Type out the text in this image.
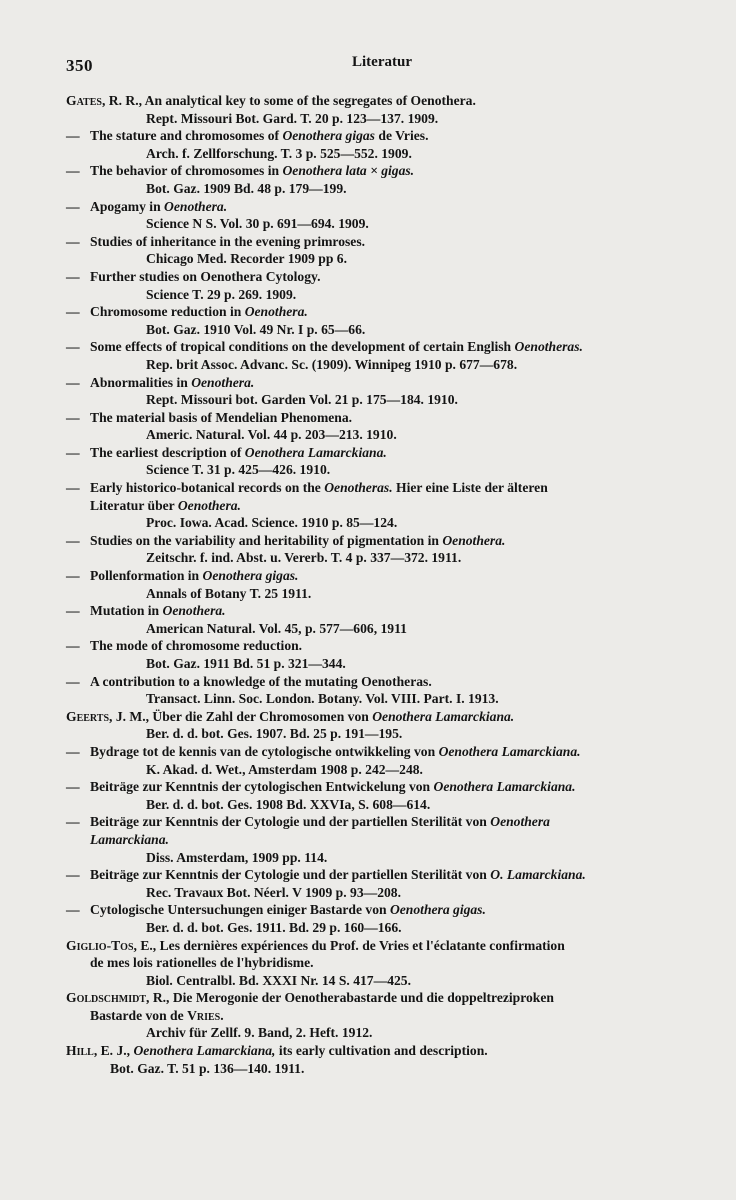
350	Literatur
Gates, R. R., An analytical key to some of the segregates of Oenothera.
Rept. Missouri Bot. Gard. T. 20 p. 123—137. 1909.
— The stature and chromosomes of Oenothera gigas de Vries.
Arch. f. Zellforschung. T. 3 p. 525—552. 1909.
— The behavior of chromosomes in Oenothera lata × gigas.
Bot. Gaz. 1909 Bd. 48 p. 179—199.
— Apogamy in Oenothera.
Science N S. Vol. 30 p. 691—694. 1909.
— Studies of inheritance in the evening primroses.
Chicago Med. Recorder 1909 pp 6.
— Further studies on Oenothera Cytology.
Science T. 29 p. 269. 1909.
— Chromosome reduction in Oenothera.
Bot. Gaz. 1910 Vol. 49 Nr. I p. 65—66.
— Some effects of tropical conditions on the development of certain English Oenotheras.
Rep. brit Assoc. Advanc. Sc. (1909). Winnipeg 1910 p. 677—678.
— Abnormalities in Oenothera.
Rept. Missouri bot. Garden Vol. 21 p. 175—184. 1910.
— The material basis of Mendelian Phenomena.
Americ. Natural. Vol. 44 p. 203—213. 1910.
— The earliest description of Oenothera Lamarckiana.
Science T. 31 p. 425—426. 1910.
— Early historico-botanical records on the Oenotheras. Hier eine Liste der älteren
Literatur über Oenothera.
Proc. Iowa. Acad. Science. 1910 p. 85—124.
— Studies on the variability and heritability of pigmentation in Oenothera.
Zeitschr. f. ind. Abst. u. Vererb. T. 4 p. 337—372. 1911.
— Pollenformation in Oenothera gigas.
Annals of Botany T. 25 1911.
— Mutation in Oenothera.
American Natural. Vol. 45, p. 577—606, 1911
— The mode of chromosome reduction.
Bot. Gaz. 1911 Bd. 51 p. 321—344.
— A contribution to a knowledge of the mutating Oenotheras.
Transact. Linn. Soc. London. Botany. Vol. VIII. Part. I. 1913.
Geerts, J. M., Über die Zahl der Chromosomen von Oenothera Lamarckiana.
Ber. d. d. bot. Ges. 1907. Bd. 25 p. 191—195.
— Bydrage tot de kennis van de cytologische ontwikkeling von Oenothera Lamarckiana.
K. Akad. d. Wet., Amsterdam 1908 p. 242—248.
— Beiträge zur Kenntnis der cytologischen Entwickelung von Oenothera Lamarckiana.
Ber. d. d. bot. Ges. 1908 Bd. XXVIa, S. 608—614.
— Beiträge zur Kenntnis der Cytologie und der partiellen Sterilität von Oenothera
Lamarckiana.
Diss. Amsterdam, 1909 pp. 114.
— Beiträge zur Kenntnis der Cytologie und der partiellen Sterilität von O. Lamarckiana.
Rec. Travaux Bot. Néerl. V 1909 p. 93—208.
— Cytologische Untersuchungen einiger Bastarde von Oenothera gigas.
Ber. d. d. bot. Ges. 1911. Bd. 29 p. 160—166.
Giglio-Tos, E., Les dernières expériences du Prof. de Vries et l'éclatante confirmation
de mes lois rationelles de l'hybridisme.
Biol. Centralbl. Bd. XXXI Nr. 14 S. 417—425.
Goldschmidt, R., Die Merogonie der Oenotherabastarde und die doppeltreziproken
Bastarde von de Vries.
Archiv für Zellf. 9. Band, 2. Heft. 1912.
Hill, E. J., Oenothera Lamarckiana, its early cultivation and description.
Bot. Gaz. T. 51 p. 136—140. 1911.
